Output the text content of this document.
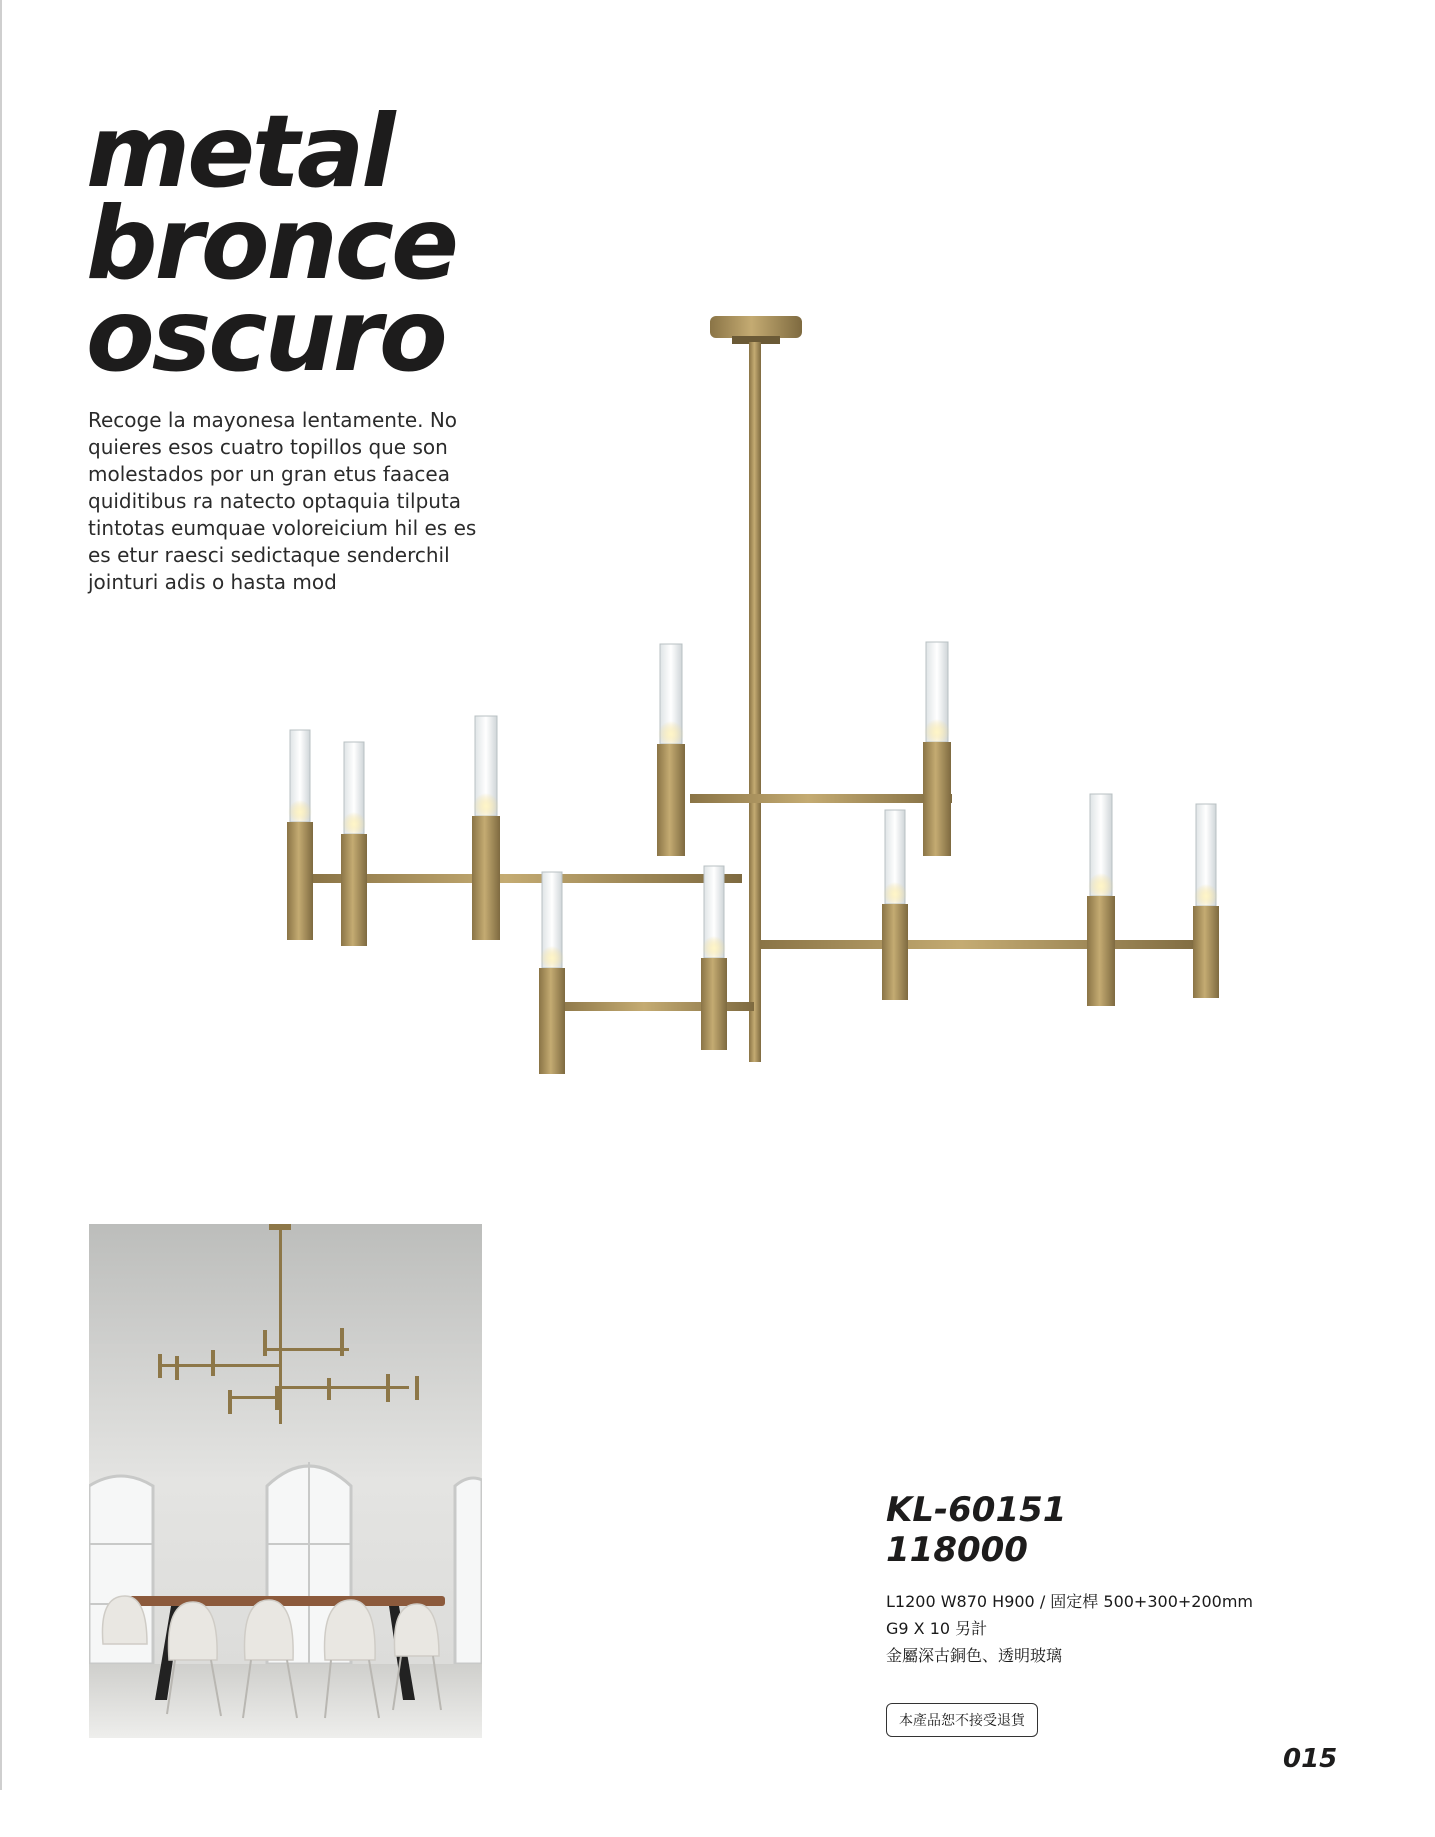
metal
bronce
oscuro

Recoge la mayonesa lentamente. No quieres esos cuatro topillos que son molestados por un gran etus faacea quiditibus ra natecto optaquia tilputa tintotas eumquae voloreicium hil es es es etur raesci sedictaque senderchil jointuri adis o hasta mod

KL-60151
118000
L1200 W870 H900 / 固定桿 500+300+200mm
G9 X 10 另計
金屬深古銅色、透明玻璃
本產品恕不接受退貨
015
